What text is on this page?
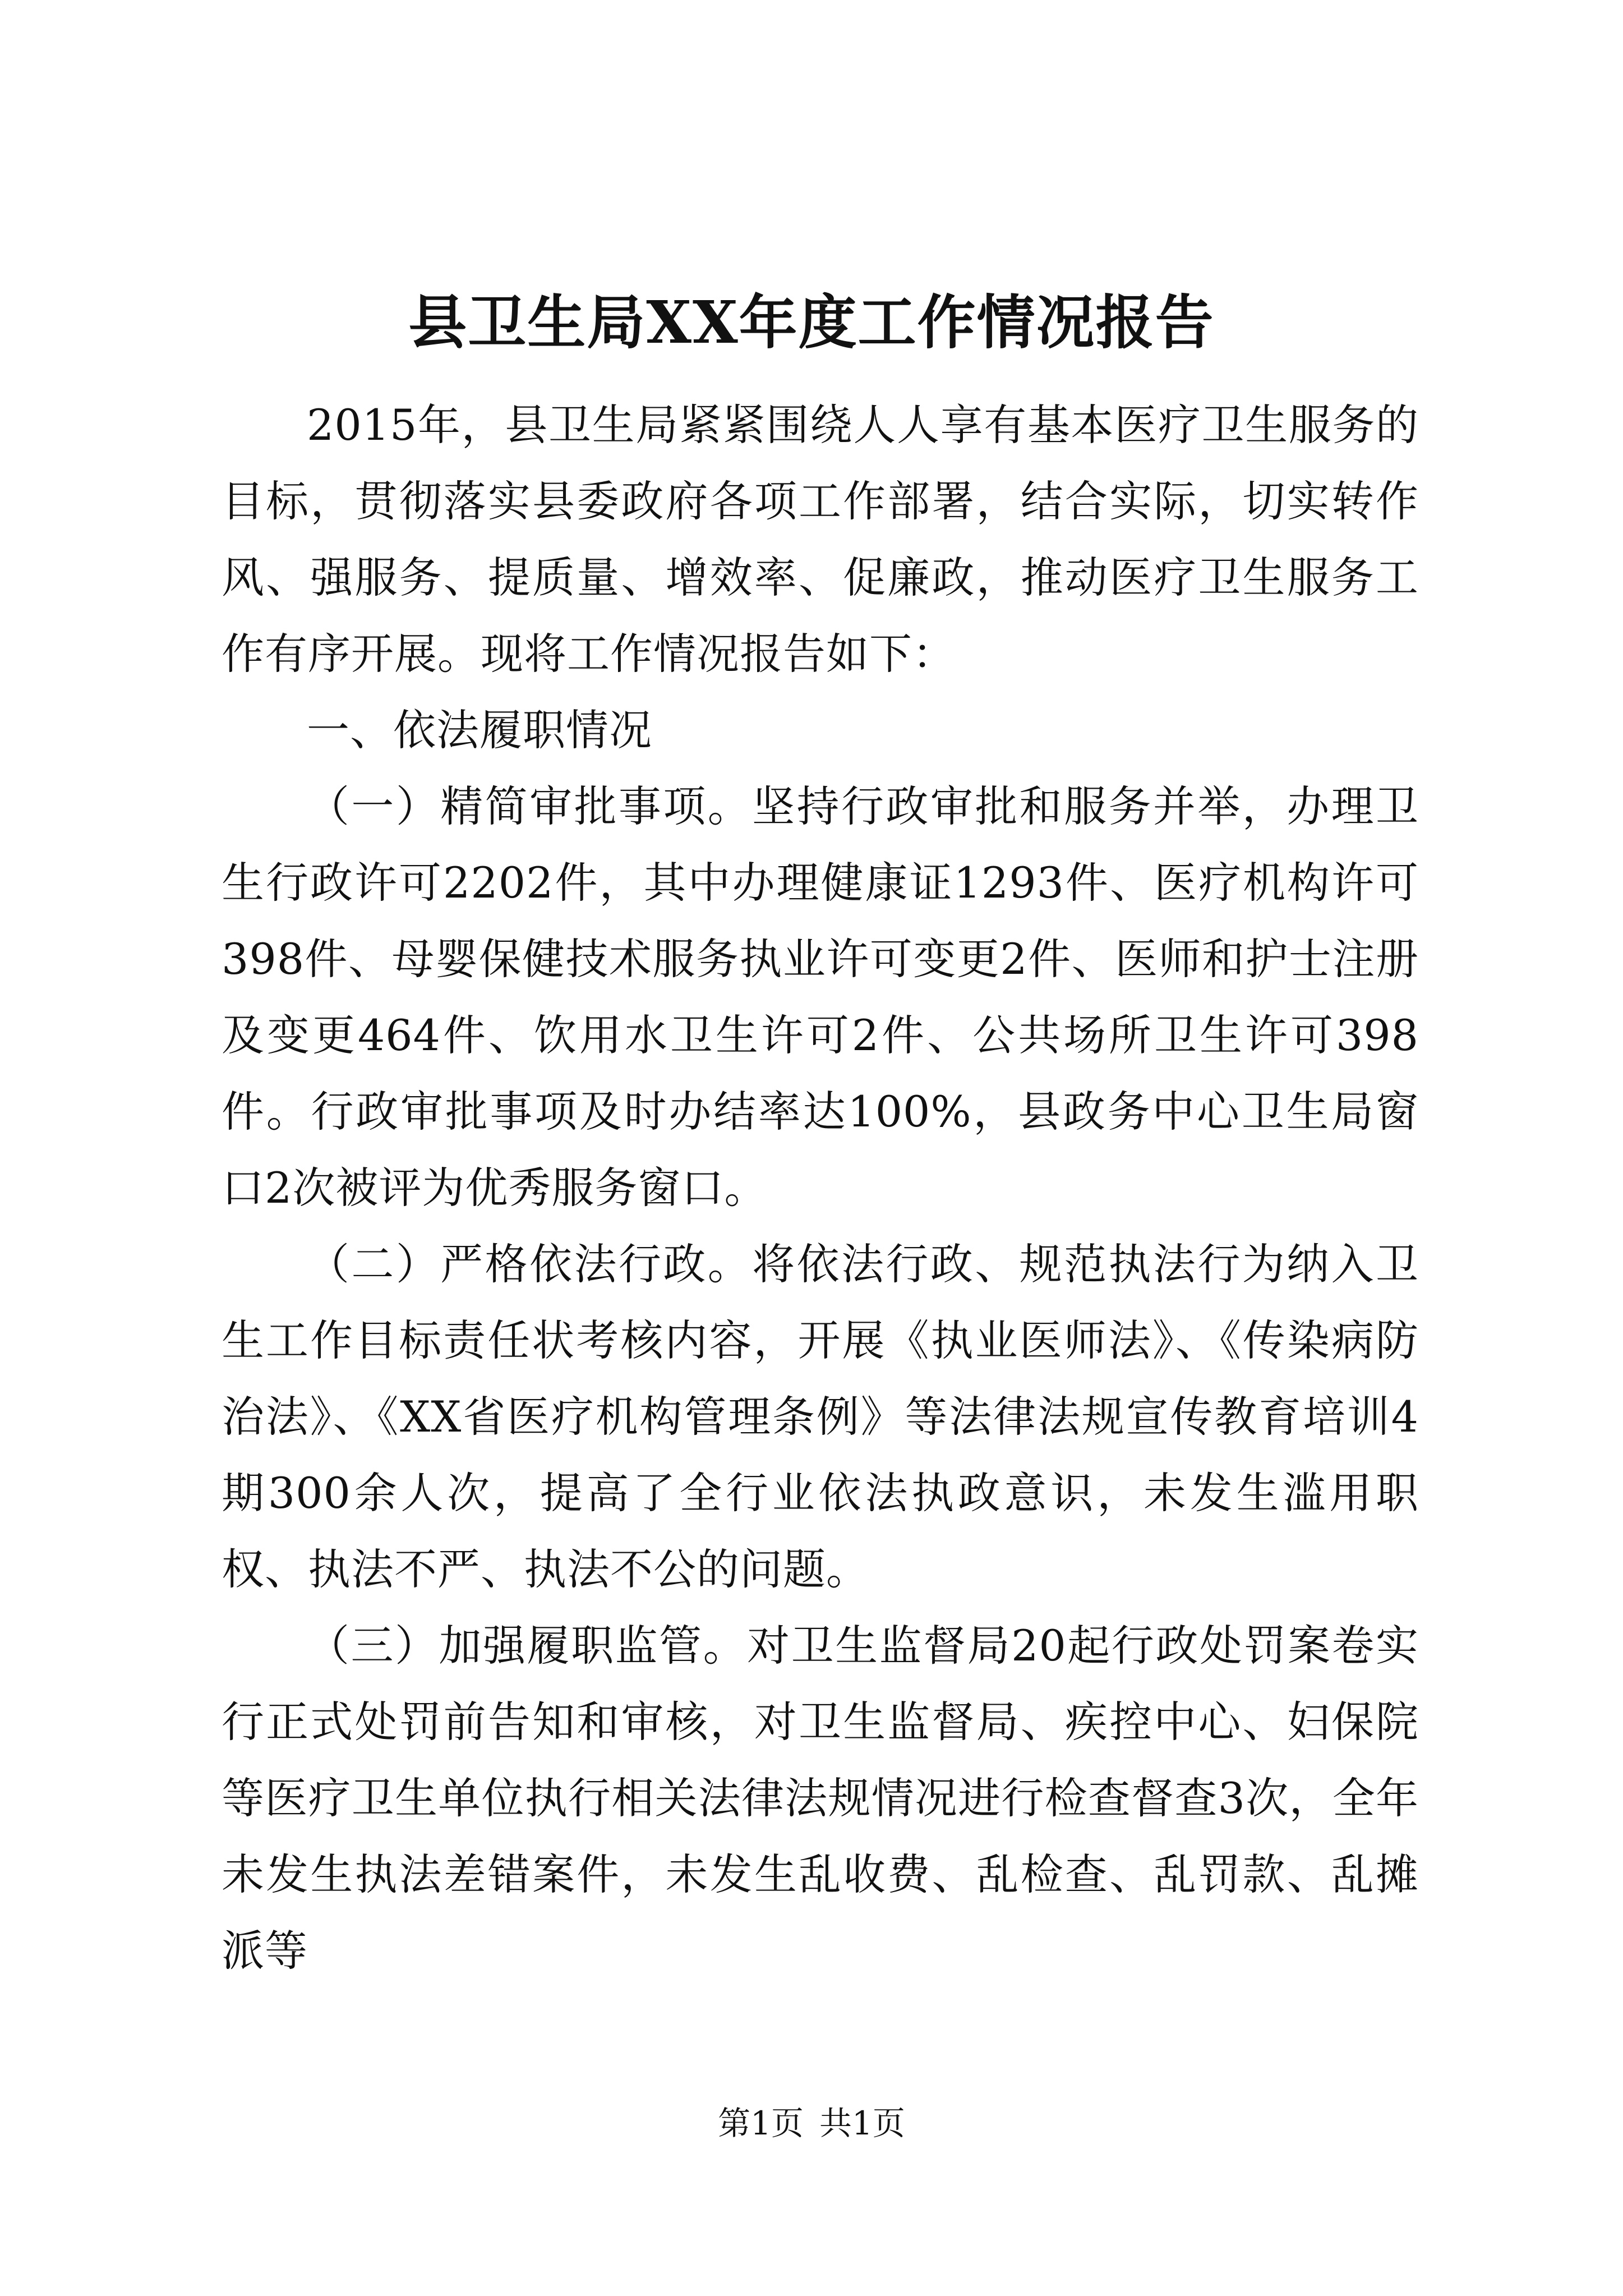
县卫生局XX年度工作情况报告

2015年，县卫生局紧紧围绕人人享有基本医疗卫生服务的目标，贯彻落实县委政府各项工作部署，结合实际，切实转作风、强服务、提质量、增效率、促廉政，推动医疗卫生服务工作有序开展。现将工作情况报告如下：

一、依法履职情况

（一）精简审批事项。坚持行政审批和服务并举，办理卫生行政许可2202件，其中办理健康证1293件、医疗机构许可398件、母婴保健技术服务执业许可变更2件、医师和护士注册及变更464件、饮用水卫生许可2件、公共场所卫生许可398件。行政审批事项及时办结率达100%，县政务中心卫生局窗口2次被评为优秀服务窗口。

（二）严格依法行政。将依法行政、规范执法行为纳入卫生工作目标责任状考核内容，开展《执业医师法》、《传染病防治法》、《XX省医疗机构管理条例》等法律法规宣传教育培训4期300余人次，提高了全行业依法执政意识，未发生滥用职权、执法不严、执法不公的问题。

（三）加强履职监管。对卫生监督局20起行政处罚案卷实行正式处罚前告知和审核，对卫生监督局、疾控中心、妇保院等医疗卫生单位执行相关法律法规情况进行检查督查3次，全年未发生执法差错案件，未发生乱收费、乱检查、乱罚款、乱摊派等

第1页 共1页
